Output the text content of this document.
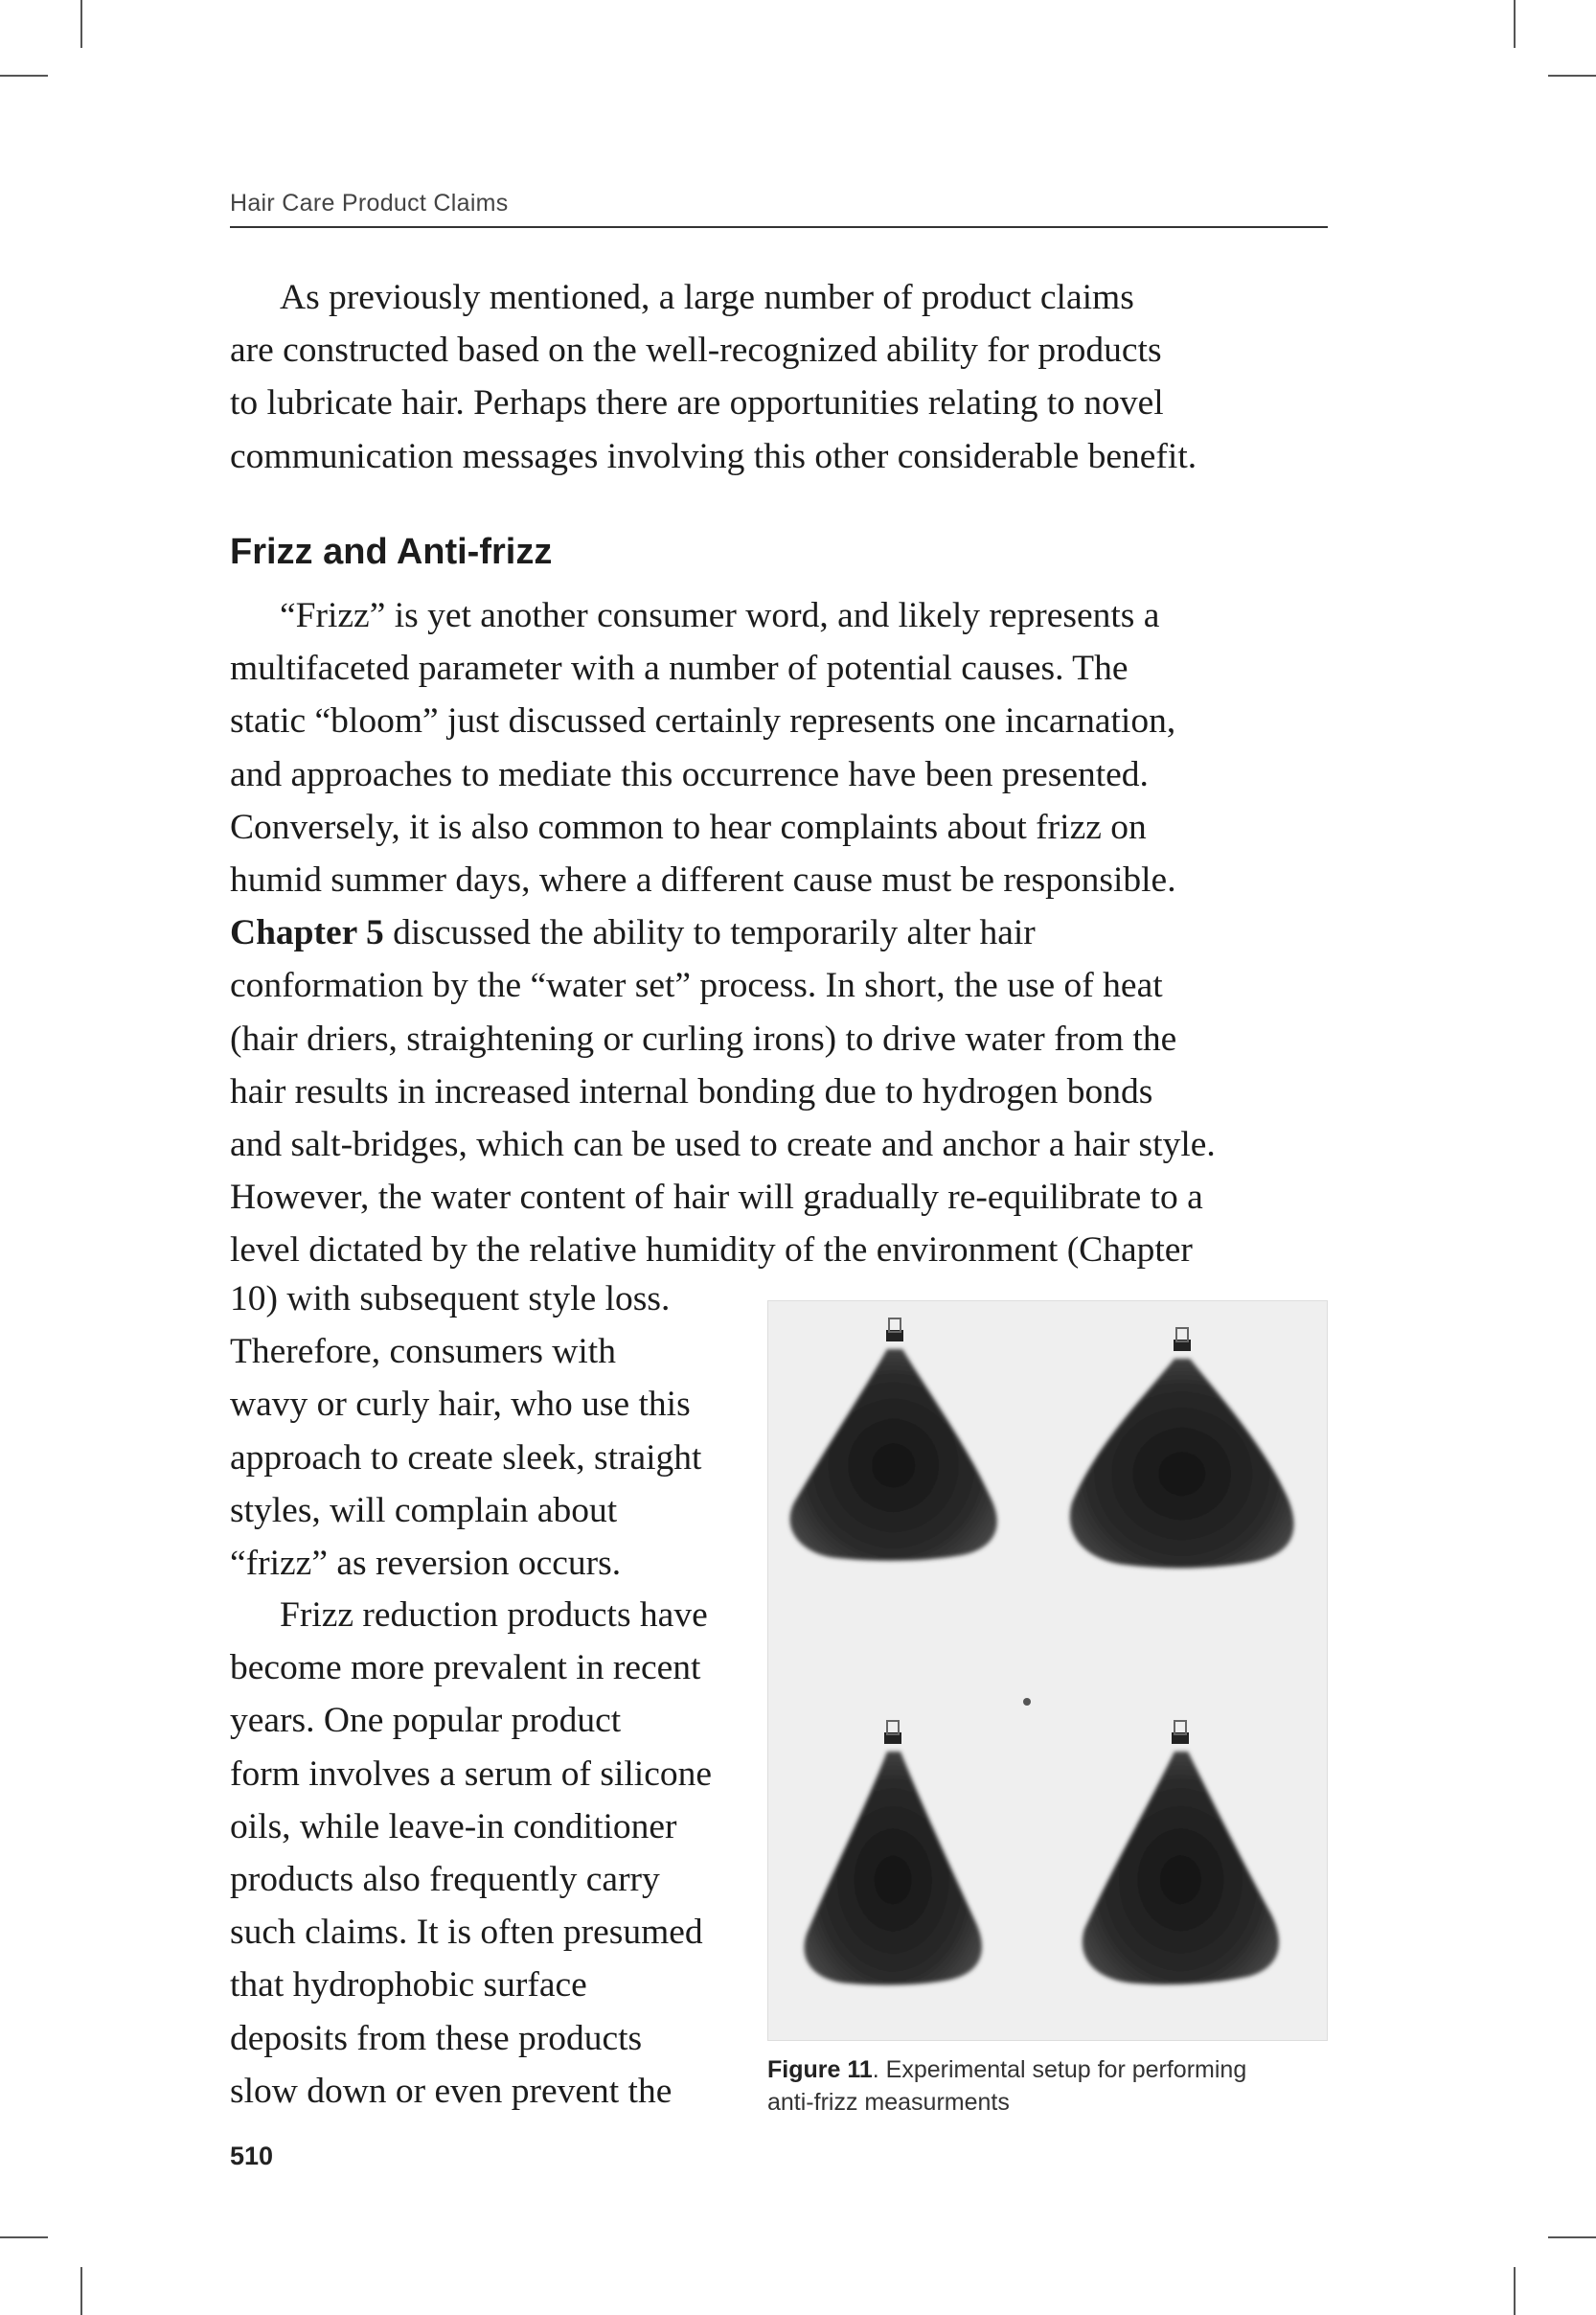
Hair Care Product Claims
As previously mentioned, a large number of product claims
are constructed based on the well-recognized ability for products
to lubricate hair. Perhaps there are opportunities relating to novel
communication messages involving this other considerable benefit.
Frizz and Anti-frizz
“Frizz” is yet another consumer word, and likely represents a
multifaceted parameter with a number of potential causes. The
static “bloom” just discussed certainly represents one incarnation,
and approaches to mediate this occurrence have been presented.
Conversely, it is also common to hear complaints about frizz on
humid summer days, where a different cause must be responsible.
Chapter 5 discussed the ability to temporarily alter hair
conformation by the “water set” process. In short, the use of heat
(hair driers, straightening or curling irons) to drive water from the
hair results in increased internal bonding due to hydrogen bonds
and salt-bridges, which can be used to create and anchor a hair style.
However, the water content of hair will gradually re-equilibrate to a
level dictated by the relative humidity of the environment (Chapter
10) with subsequent style loss.
Therefore, consumers with
wavy or curly hair, who use this
approach to create sleek, straight
styles, will complain about
“frizz” as reversion occurs.
Frizz reduction products have
become more prevalent in recent
years. One popular product
form involves a serum of silicone
oils, while leave-in conditioner
products also frequently carry
such claims. It is often presumed
that hydrophobic surface
deposits from these products
slow down or even prevent the
Figure 11. Experimental setup for performing
anti-frizz measurments
510
